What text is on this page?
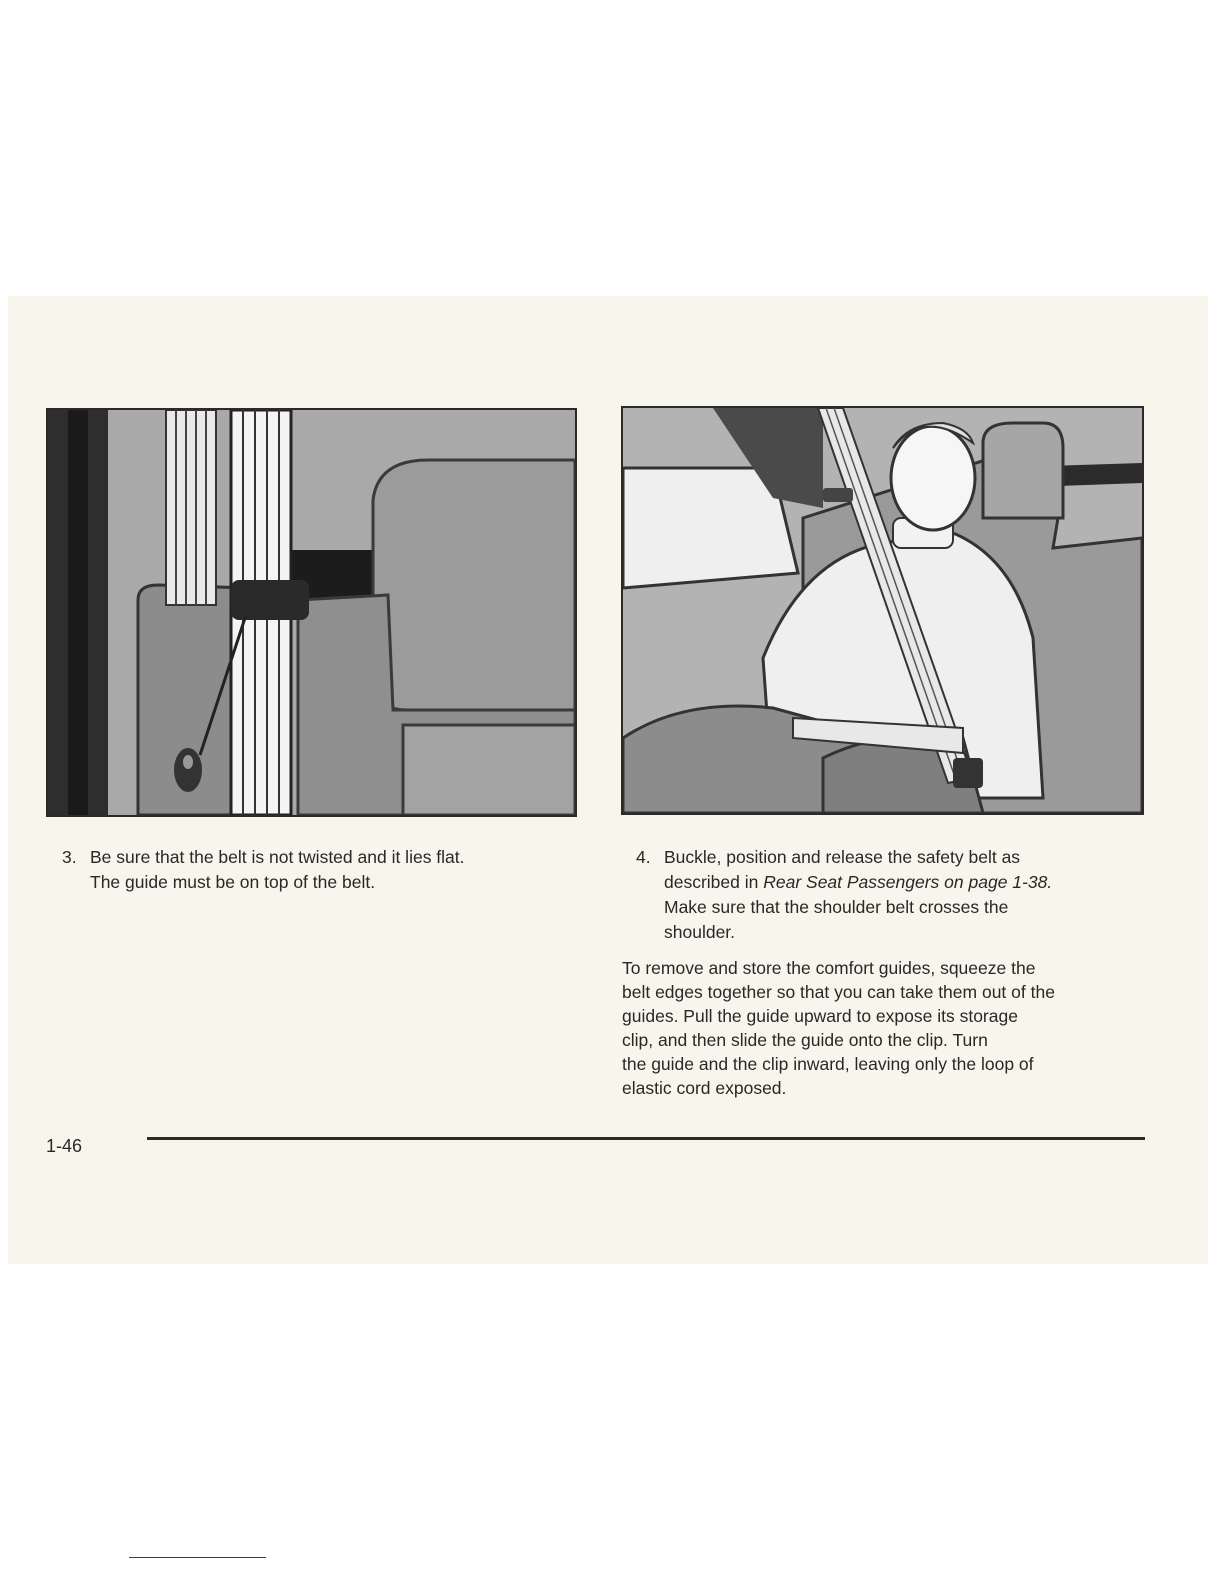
3. Be sure that the belt is not twisted and it lies flat.
The guide must be on top of the belt.
4. Buckle, position and release the safety belt as
described in Rear Seat Passengers on page 1-38.
Make sure that the shoulder belt crosses the
shoulder.
To remove and store the comfort guides, squeeze the
belt edges together so that you can take them out of the
guides. Pull the guide upward to expose its storage
clip, and then slide the guide onto the clip. Turn
the guide and the clip inward, leaving only the loop of
elastic cord exposed.
1-46
